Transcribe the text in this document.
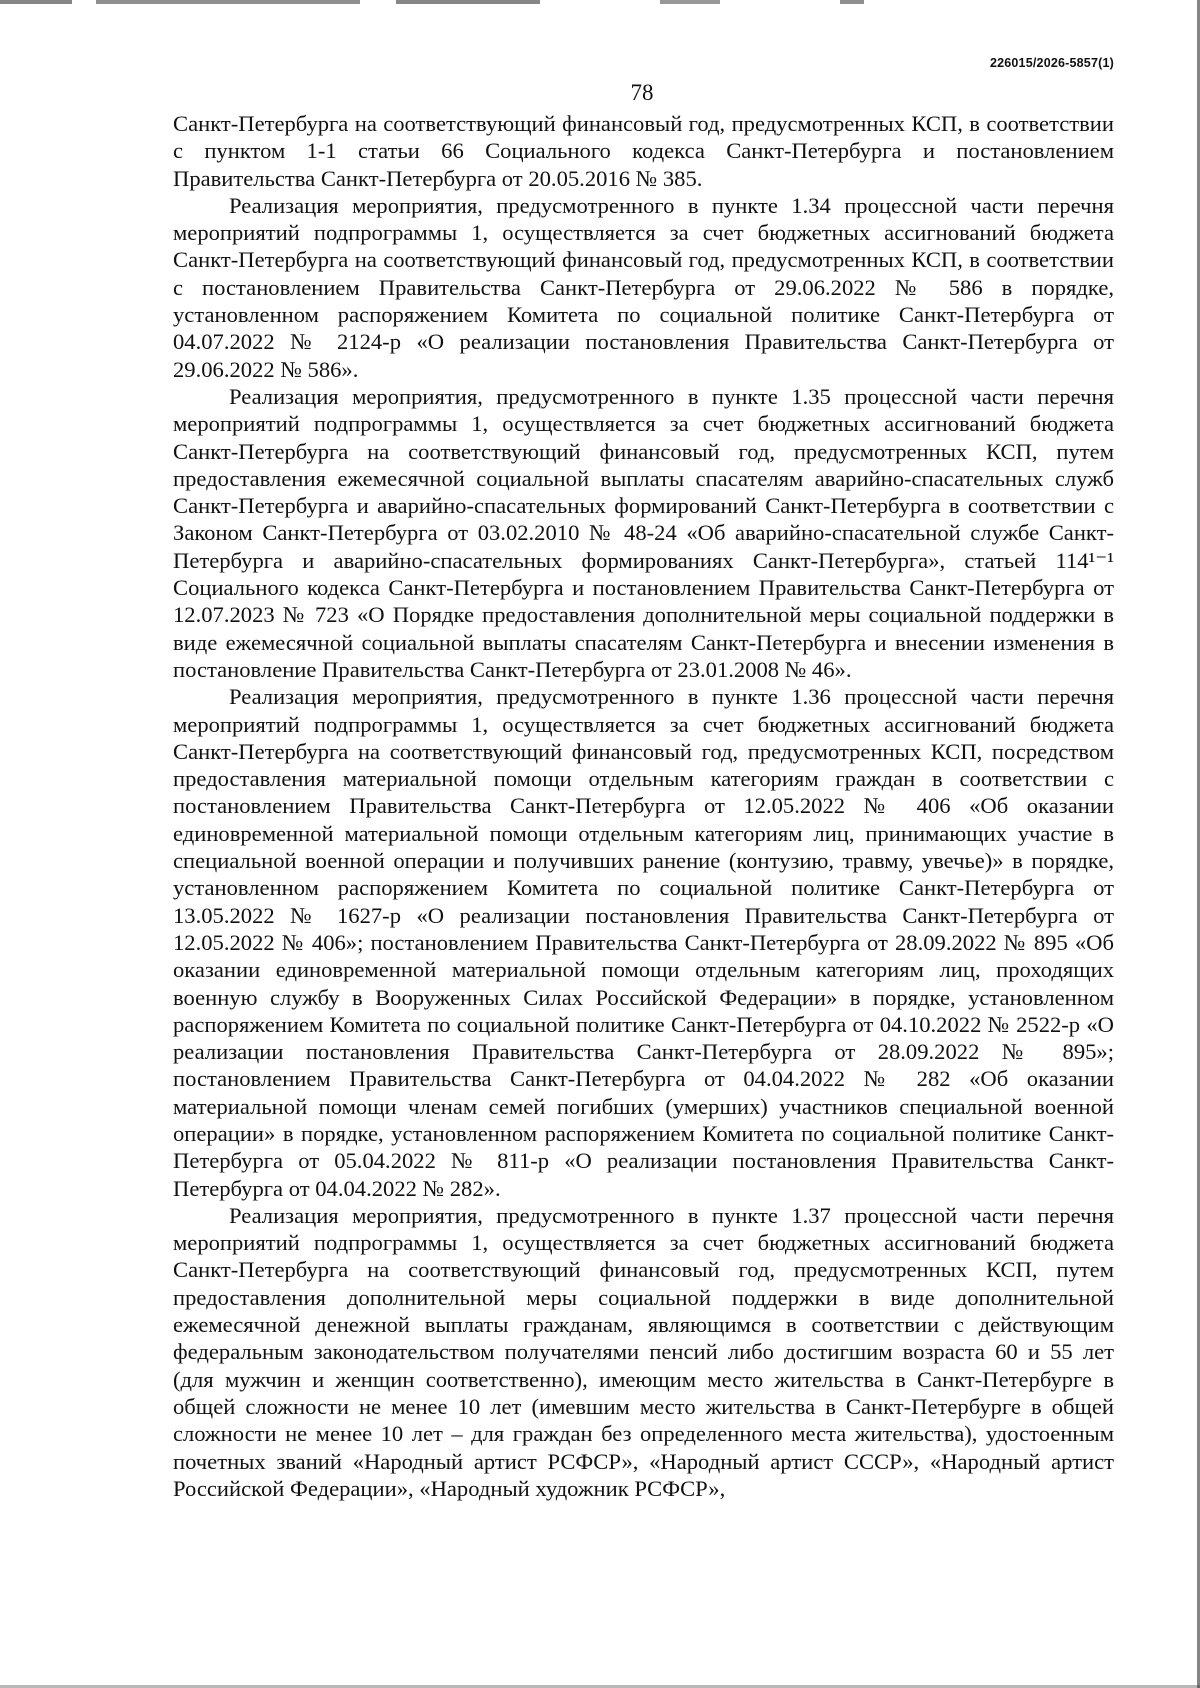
226015/2026-5857(1)
78

Санкт-Петербурга на соответствующий финансовый год, предусмотренных КСП, в соответствии с пунктом 1-1 статьи 66 Социального кодекса Санкт-Петербурга и постановлением Правительства Санкт-Петербурга от 20.05.2016 № 385.

Реализация мероприятия, предусмотренного в пункте 1.34 процессной части перечня мероприятий подпрограммы 1, осуществляется за счет бюджетных ассигнований бюджета Санкт-Петербурга на соответствующий финансовый год, предусмотренных КСП, в соответствии с постановлением Правительства Санкт-Петербурга от 29.06.2022 № 586 в порядке, установленном распоряжением Комитета по социальной политике Санкт-Петербурга от 04.07.2022 № 2124-р «О реализации постановления Правительства Санкт-Петербурга от 29.06.2022 № 586».

Реализация мероприятия, предусмотренного в пункте 1.35 процессной части перечня мероприятий подпрограммы 1, осуществляется за счет бюджетных ассигнований бюджета Санкт-Петербурга на соответствующий финансовый год, предусмотренных КСП, путем предоставления ежемесячной социальной выплаты спасателям аварийно-спасательных служб Санкт-Петербурга и аварийно-спасательных формирований Санкт-Петербурга в соответствии с Законом Санкт-Петербурга от 03.02.2010 № 48-24 «Об аварийно-спасательной службе Санкт-Петербурга и аварийно-спасательных формированиях Санкт-Петербурга», статьей 114¹⁻¹ Социального кодекса Санкт-Петербурга и постановлением Правительства Санкт-Петербурга от 12.07.2023 № 723 «О Порядке предоставления дополнительной меры социальной поддержки в виде ежемесячной социальной выплаты спасателям Санкт-Петербурга и внесении изменения в постановление Правительства Санкт-Петербурга от 23.01.2008 № 46».

Реализация мероприятия, предусмотренного в пункте 1.36 процессной части перечня мероприятий подпрограммы 1, осуществляется за счет бюджетных ассигнований бюджета Санкт-Петербурга на соответствующий финансовый год, предусмотренных КСП, посредством предоставления материальной помощи отдельным категориям граждан в соответствии с постановлением Правительства Санкт-Петербурга от 12.05.2022 № 406 «Об оказании единовременной материальной помощи отдельным категориям лиц, принимающих участие в специальной военной операции и получивших ранение (контузию, травму, увечье)» в порядке, установленном распоряжением Комитета по социальной политике Санкт-Петербурга от 13.05.2022 № 1627-р «О реализации постановления Правительства Санкт-Петербурга от 12.05.2022 № 406»; постановлением Правительства Санкт-Петербурга от 28.09.2022 № 895 «Об оказании единовременной материальной помощи отдельным категориям лиц, проходящих военную службу в Вооруженных Силах Российской Федерации» в порядке, установленном распоряжением Комитета по социальной политике Санкт-Петербурга от 04.10.2022 № 2522-р «О реализации постановления Правительства Санкт-Петербурга от 28.09.2022 № 895»; постановлением Правительства Санкт-Петербурга от 04.04.2022 № 282 «Об оказании материальной помощи членам семей погибших (умерших) участников специальной военной операции» в порядке, установленном распоряжением Комитета по социальной политике Санкт-Петербурга от 05.04.2022 № 811-р «О реализации постановления Правительства Санкт-Петербурга от 04.04.2022 № 282».

Реализация мероприятия, предусмотренного в пункте 1.37 процессной части перечня мероприятий подпрограммы 1, осуществляется за счет бюджетных ассигнований бюджета Санкт-Петербурга на соответствующий финансовый год, предусмотренных КСП, путем предоставления дополнительной меры социальной поддержки в виде дополнительной ежемесячной денежной выплаты гражданам, являющимся в соответствии с действующим федеральным законодательством получателями пенсий либо достигшим возраста 60 и 55 лет (для мужчин и женщин соответственно), имеющим место жительства в Санкт-Петербурге в общей сложности не менее 10 лет (имевшим место жительства в Санкт-Петербурге в общей сложности не менее 10 лет – для граждан без определенного места жительства), удостоенным почетных званий «Народный артист РСФСР», «Народный артист СССР», «Народный артист Российской Федерации», «Народный художник РСФСР»,
